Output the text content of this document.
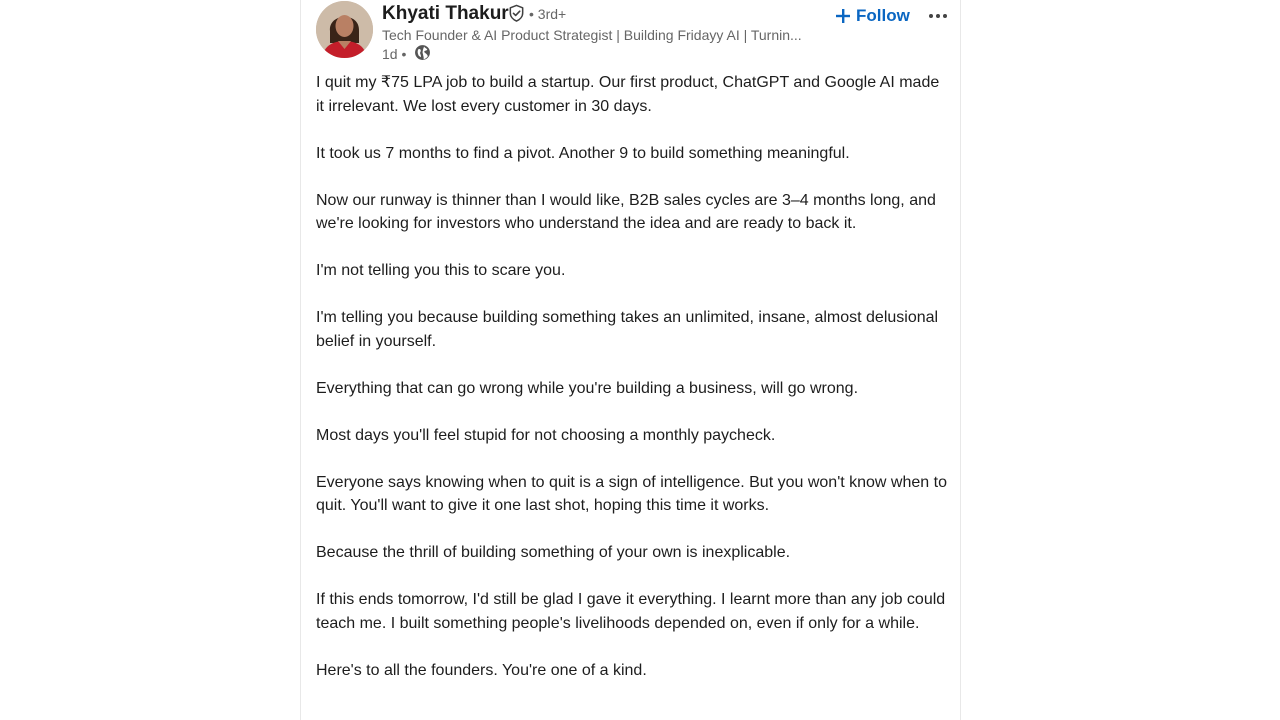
Khyati Thakur • 3rd+
Tech Founder & AI Product Strategist | Building Fridayy AI | Turnin...
1d •
Follow

I quit my ₹75 LPA job to build a startup. Our first product, ChatGPT and Google AI made it irrelevant. We lost every customer in 30 days.

It took us 7 months to find a pivot. Another 9 to build something meaningful.

Now our runway is thinner than I would like, B2B sales cycles are 3–4 months long, and we're looking for investors who understand the idea and are ready to back it.

I'm not telling you this to scare you.

I'm telling you because building something takes an unlimited, insane, almost delusional belief in yourself.

Everything that can go wrong while you're building a business, will go wrong.

Most days you'll feel stupid for not choosing a monthly paycheck.

Everyone says knowing when to quit is a sign of intelligence. But you won't know when to quit. You'll want to give it one last shot, hoping this time it works.

Because the thrill of building something of your own is inexplicable.

If this ends tomorrow, I'd still be glad I gave it everything. I learnt more than any job could teach me. I built something people's livelihoods depended on, even if only for a while.

Here's to all the founders. You're one of a kind.
